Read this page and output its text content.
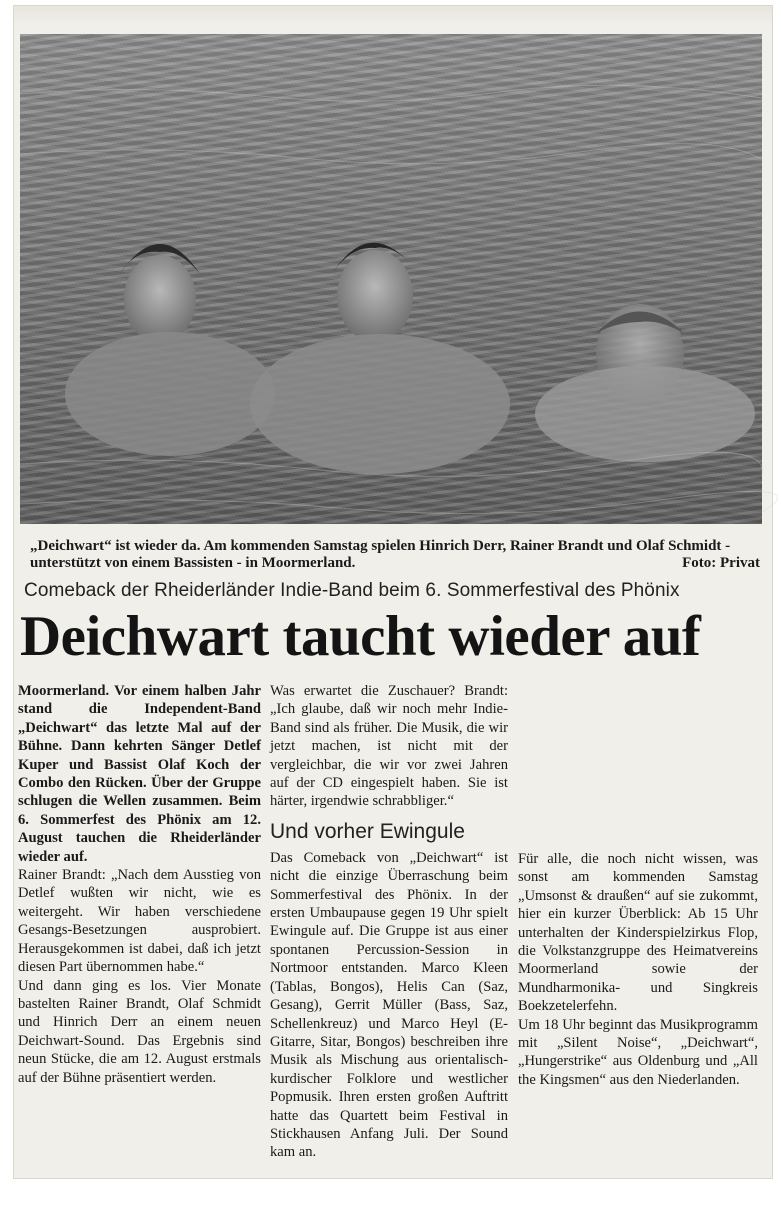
„Deichwart“ ist wieder da. Am kommenden Samstag spielen Hinrich Derr, Rainer Brandt und Olaf Schmidt - unterstützt von einem Bassisten - in Moormerland.	Foto: Privat
Comeback der Rheiderländer Indie-Band beim 6. Sommerfestival des Phönix
Deichwart taucht wieder auf

Moormerland. Vor einem halben Jahr stand die Independent-Band „Deichwart“ das letzte Mal auf der Bühne. Dann kehrten Sänger Detlef Kuper und Bassist Olaf Koch der Combo den Rücken. Über der Gruppe schlugen die Wellen zusammen. Beim 6. Sommerfest des Phönix am 12. August tauchen die Rheiderländer wieder auf.

Rainer Brandt: „Nach dem Ausstieg von Detlef wußten wir nicht, wie es weitergeht. Wir haben verschiedene Gesangs-Besetzungen ausprobiert. Herausgekommen ist dabei, daß ich jetzt diesen Part übernommen habe.“

Und dann ging es los. Vier Monate bastelten Rainer Brandt, Olaf Schmidt und Hinrich Derr an einem neuen Deichwart-Sound. Das Ergebnis sind neun Stücke, die am 12. August erstmals auf der Bühne präsentiert werden.

Was erwartet die Zuschauer? Brandt: „Ich glaube, daß wir noch mehr Indie-Band sind als früher. Die Musik, die wir jetzt machen, ist nicht mit der vergleichbar, die wir vor zwei Jahren auf der CD eingespielt haben. Sie ist härter, irgendwie schrabbliger.“

Und vorher Ewingule

Das Comeback von „Deichwart“ ist nicht die einzige Überraschung beim Sommerfestival des Phönix. In der ersten Umbaupause gegen 19 Uhr spielt Ewingule auf. Die Gruppe ist aus einer spontanen Percussion-Session in Nortmoor entstanden. Marco Kleen (Tablas, Bongos), Helis Can (Saz, Gesang), Gerrit Müller (Bass, Saz, Schellenkreuz) und Marco Heyl (E-Gitarre, Sitar, Bongos) beschreiben ihre Musik als Mischung aus orientalisch-kurdischer Folklore und westlicher Popmusik. Ihren ersten großen Auftritt hatte das Quartett beim Festival in Stickhausen Anfang Juli. Der Sound kam an.

Für alle, die noch nicht wissen, was sonst am kommenden Samstag „Umsonst & draußen“ auf sie zukommt, hier ein kurzer Überblick: Ab 15 Uhr unterhalten der Kinderspielzirkus Flop, die Volkstanzgruppe des Heimatvereins Moormerland sowie der Mundharmonika- und Singkreis Boekzetelerfehn.

Um 18 Uhr beginnt das Musikprogramm mit „Silent Noise“, „Deichwart“, „Hungerstrike“ aus Oldenburg und „All the Kingsmen“ aus den Niederlanden.
